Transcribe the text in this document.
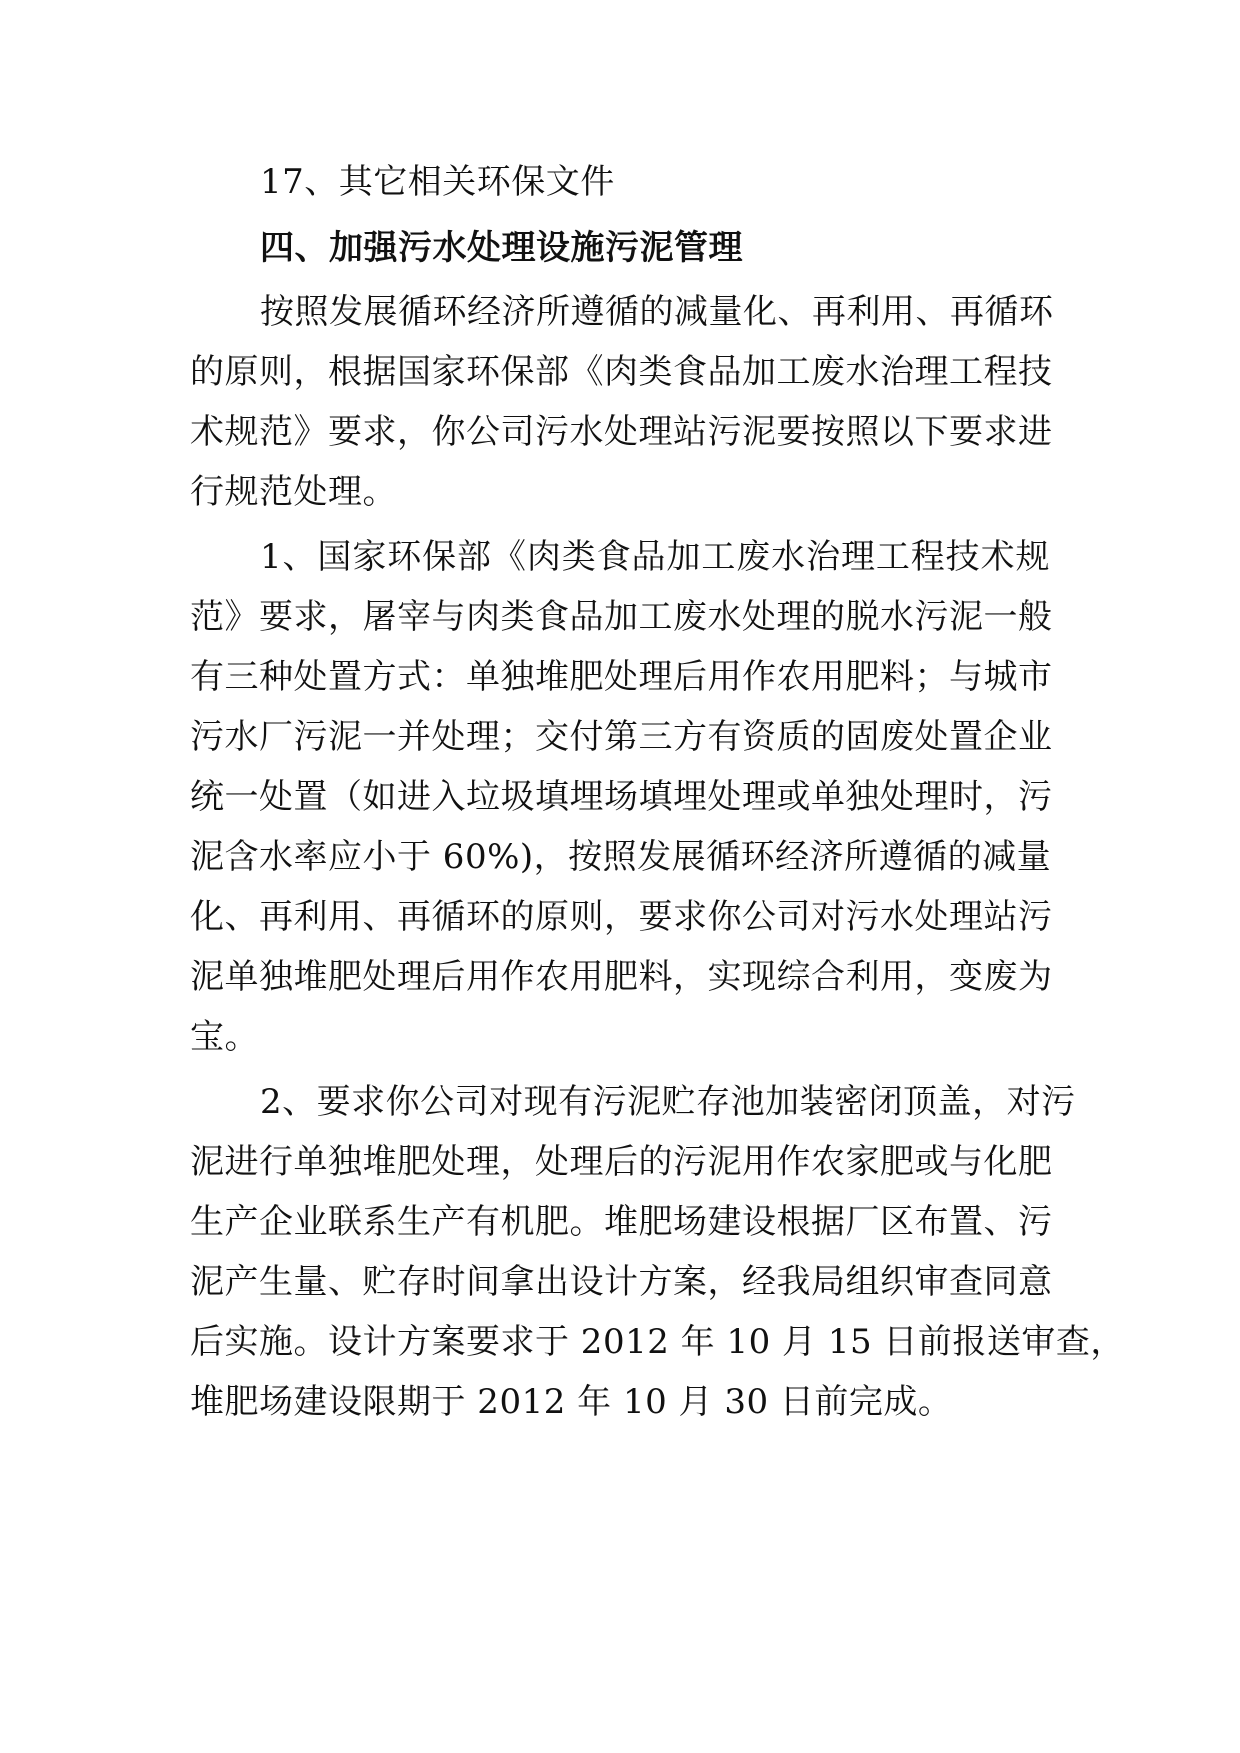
17、其它相关环保文件
四、加强污水处理设施污泥管理
按照发展循环经济所遵循的减量化、再利用、再循环
的原则，根据国家环保部《肉类食品加工废水治理工程技
术规范》要求，你公司污水处理站污泥要按照以下要求进
行规范处理。
1、国家环保部《肉类食品加工废水治理工程技术规
范》要求，屠宰与肉类食品加工废水处理的脱水污泥一般
有三种处置方式：单独堆肥处理后用作农用肥料；与城市
污水厂污泥一并处理；交付第三方有资质的固废处置企业
统一处置（如进入垃圾填埋场填埋处理或单独处理时，污
泥含水率应小于 60%)，按照发展循环经济所遵循的减量
化、再利用、再循环的原则，要求你公司对污水处理站污
泥单独堆肥处理后用作农用肥料，实现综合利用，变废为
宝。
2、要求你公司对现有污泥贮存池加装密闭顶盖，对污
泥进行单独堆肥处理，处理后的污泥用作农家肥或与化肥
生产企业联系生产有机肥。堆肥场建设根据厂区布置、污
泥产生量、贮存时间拿出设计方案，经我局组织审查同意
后实施。设计方案要求于 2012 年 10 月 15 日前报送审查，
堆肥场建设限期于 2012 年 10 月 30 日前完成。
